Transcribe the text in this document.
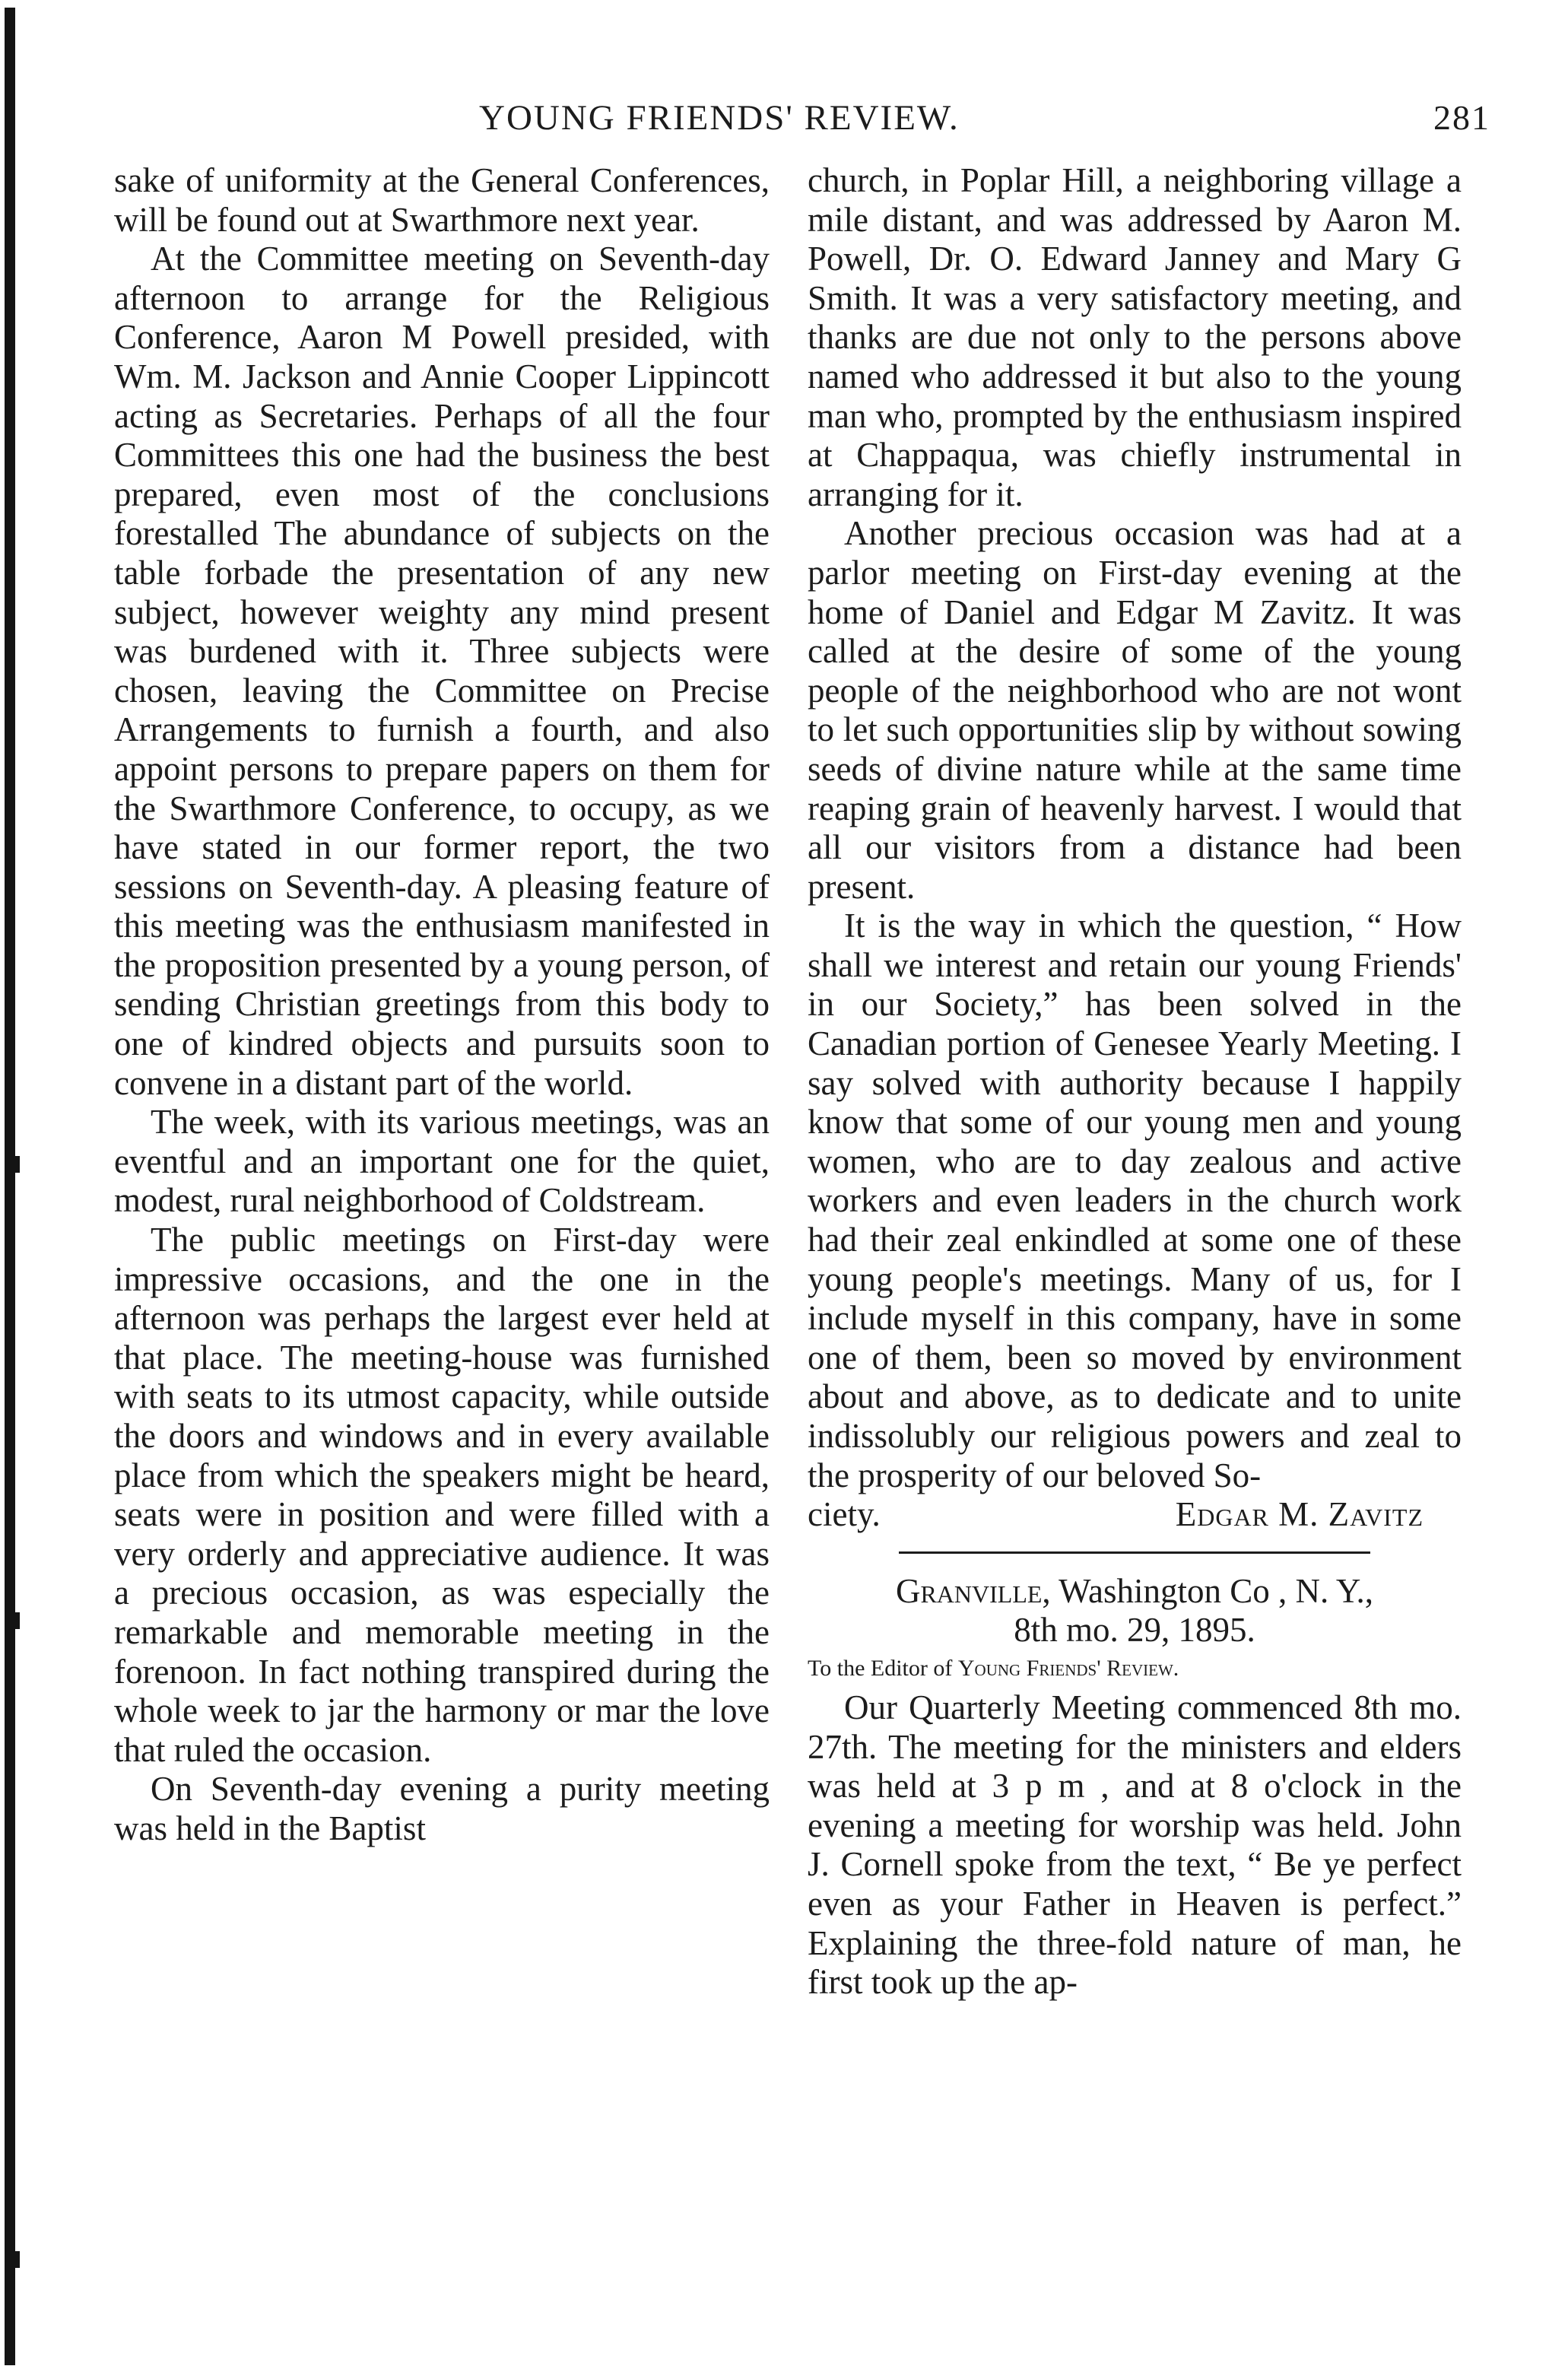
YOUNG FRIENDS' REVIEW.	281

sake of uniformity at the General Conferences, will be found out at Swarthmore next year.

At the Committee meeting on Seventh-day afternoon to arrange for the Religious Conference, Aaron M Powell presided, with Wm. M. Jackson and Annie Cooper Lippincott acting as Secretaries. Perhaps of all the four Committees this one had the business the best prepared, even most of the conclusions forestalled The abundance of subjects on the table forbade the presentation of any new subject, however weighty any mind present was burdened with it. Three subjects were chosen, leaving the Committee on Precise Arrangements to furnish a fourth, and also appoint persons to prepare papers on them for the Swarthmore Conference, to occupy, as we have stated in our former report, the two sessions on Seventh-day. A pleasing feature of this meeting was the enthusiasm manifested in the proposition presented by a young person, of sending Christian greetings from this body to one of kindred objects and pursuits soon to convene in a distant part of the world.

The week, with its various meetings, was an eventful and an important one for the quiet, modest, rural neighborhood of Coldstream.

The public meetings on First-day were impressive occasions, and the one in the afternoon was perhaps the largest ever held at that place. The meeting-house was furnished with seats to its utmost capacity, while outside the doors and windows and in every available place from which the speakers might be heard, seats were in position and were filled with a very orderly and appreciative audience. It was a precious occasion, as was especially the remarkable and memorable meeting in the forenoon. In fact nothing transpired during the whole week to jar the harmony or mar the love that ruled the occasion.

On Seventh-day evening a purity meeting was held in the Baptist

church, in Poplar Hill, a neighboring village a mile distant, and was addressed by Aaron M. Powell, Dr. O. Edward Janney and Mary G Smith. It was a very satisfactory meeting, and thanks are due not only to the persons above named who addressed it but also to the young man who, prompted by the enthusiasm inspired at Chappaqua, was chiefly instrumental in arranging for it.

Another precious occasion was had at a parlor meeting on First-day evening at the home of Daniel and Edgar M Zavitz. It was called at the desire of some of the young people of the neighborhood who are not wont to let such opportunities slip by without sowing seeds of divine nature while at the same time reaping grain of heavenly harvest. I would that all our visitors from a distance had been present.

It is the way in which the question, “ How shall we interest and retain our young Friends' in our Society,” has been solved in the Canadian portion of Genesee Yearly Meeting. I say solved with authority because I happily know that some of our young men and young women, who are to day zealous and active workers and even leaders in the church work had their zeal enkindled at some one of these young people's meetings. Many of us, for I include myself in this company, have in some one of them, been so moved by environment about and above, as to dedicate and to unite indissolubly our religious powers and zeal to the prosperity of our beloved So-

ciety.	Edgar M. Zavitz
Granville, Washington Co , N. Y.,
8th mo. 29, 1895.
To the Editor of Young Friends' Review.

Our Quarterly Meeting commenced 8th mo. 27th. The meeting for the ministers and elders was held at 3 p m , and at 8 o'clock in the evening a meeting for worship was held. John J. Cornell spoke from the text, “ Be ye perfect even as your Father in Heaven is perfect.” Explaining the three-fold nature of man, he first took up the ap-
